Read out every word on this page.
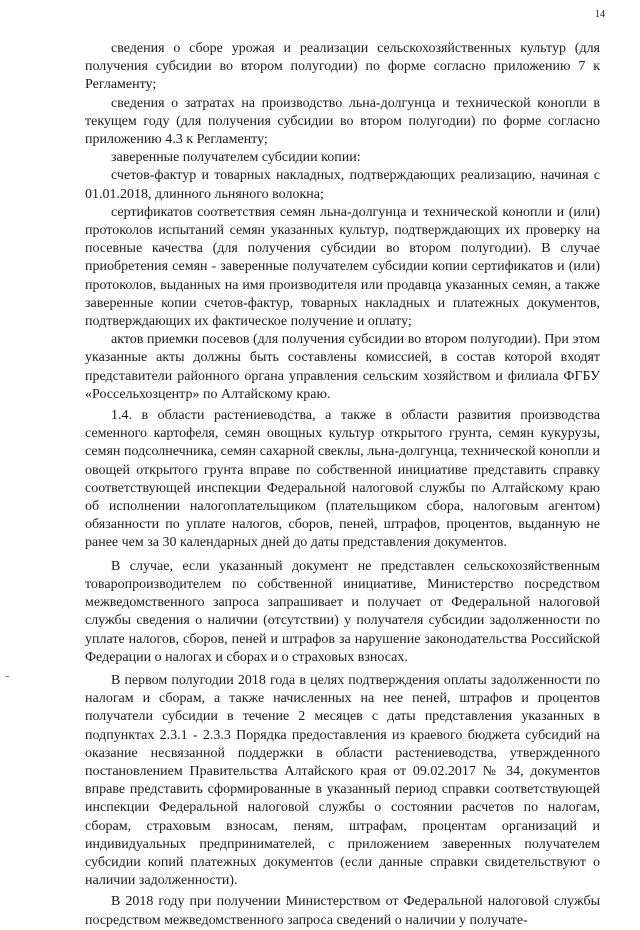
14

сведения о сборе урожая и реализации сельскохозяйственных культур (для получения субсидии во втором полугодии) по форме согласно приложению 7 к Регламенту;

сведения о затратах на производство льна-долгунца и технической конопли в текущем году (для получения субсидии во втором полугодии) по форме согласно приложению 4.3 к Регламенту;

заверенные получателем субсидии копии:

счетов-фактур и товарных накладных, подтверждающих реализацию, начиная с 01.01.2018, длинного льняного волокна;

сертификатов соответствия семян льна-долгунца и технической конопли и (или) протоколов испытаний семян указанных культур, подтверждающих их проверку на посевные качества (для получения субсидии во втором полугодии). В случае приобретения семян - заверенные получателем субсидии копии сертификатов и (или) протоколов, выданных на имя производителя или продавца указанных семян, а также заверенные копии счетов-фактур, товарных накладных и платежных документов, подтверждающих их фактическое получение и оплату;

актов приемки посевов (для получения субсидии во втором полугодии). При этом указанные акты должны быть составлены комиссией, в состав которой входят представители районного органа управления сельским хозяйством и филиала ФГБУ «Россельхозцентр» по Алтайскому краю.

1.4. в области растениеводства, а также в области развития производства семенного картофеля, семян овощных культур открытого грунта, семян кукурузы, семян подсолнечника, семян сахарной свеклы, льна-долгунца, технической конопли и овощей открытого грунта вправе по собственной инициативе представить справку соответствующей инспекции Федеральной налоговой службы по Алтайскому краю об исполнении налогоплательщиком (плательщиком сбора, налоговым агентом) обязанности по уплате налогов, сборов, пеней, штрафов, процентов, выданную не ранее чем за 30 календарных дней до даты представления документов.

В случае, если указанный документ не представлен сельскохозяйственным товаропроизводителем по собственной инициативе, Министерство посредством межведомственного запроса запрашивает и получает от Федеральной налоговой службы сведения о наличии (отсутствии) у получателя субсидии задолженности по уплате налогов, сборов, пеней и штрафов за нарушение законодательства Российской Федерации о налогах и сборах и о страховых взносах.

В первом полугодии 2018 года в целях подтверждения оплаты задолженности по налогам и сборам, а также начисленных на нее пеней, штрафов и процентов получатели субсидии в течение 2 месяцев с даты представления указанных в подпунктах 2.3.1 - 2.3.3 Порядка предоставления из краевого бюджета субсидий на оказание несвязанной поддержки в области растениеводства, утвержденного постановлением Правительства Алтайского края от 09.02.2017 № 34, документов вправе представить сформированные в указанный период справки соответствующей инспекции Федеральной налоговой службы о состоянии расчетов по налогам, сборам, страховым взносам, пеням, штрафам, процентам организаций и индивидуальных предпринимателей, с приложением заверенных получателем субсидии копий платежных документов (если данные справки свидетельствуют о наличии задолженности).

В 2018 году при получении Министерством от Федеральной налоговой службы посредством межведомственного запроса сведений о наличии у получате-
